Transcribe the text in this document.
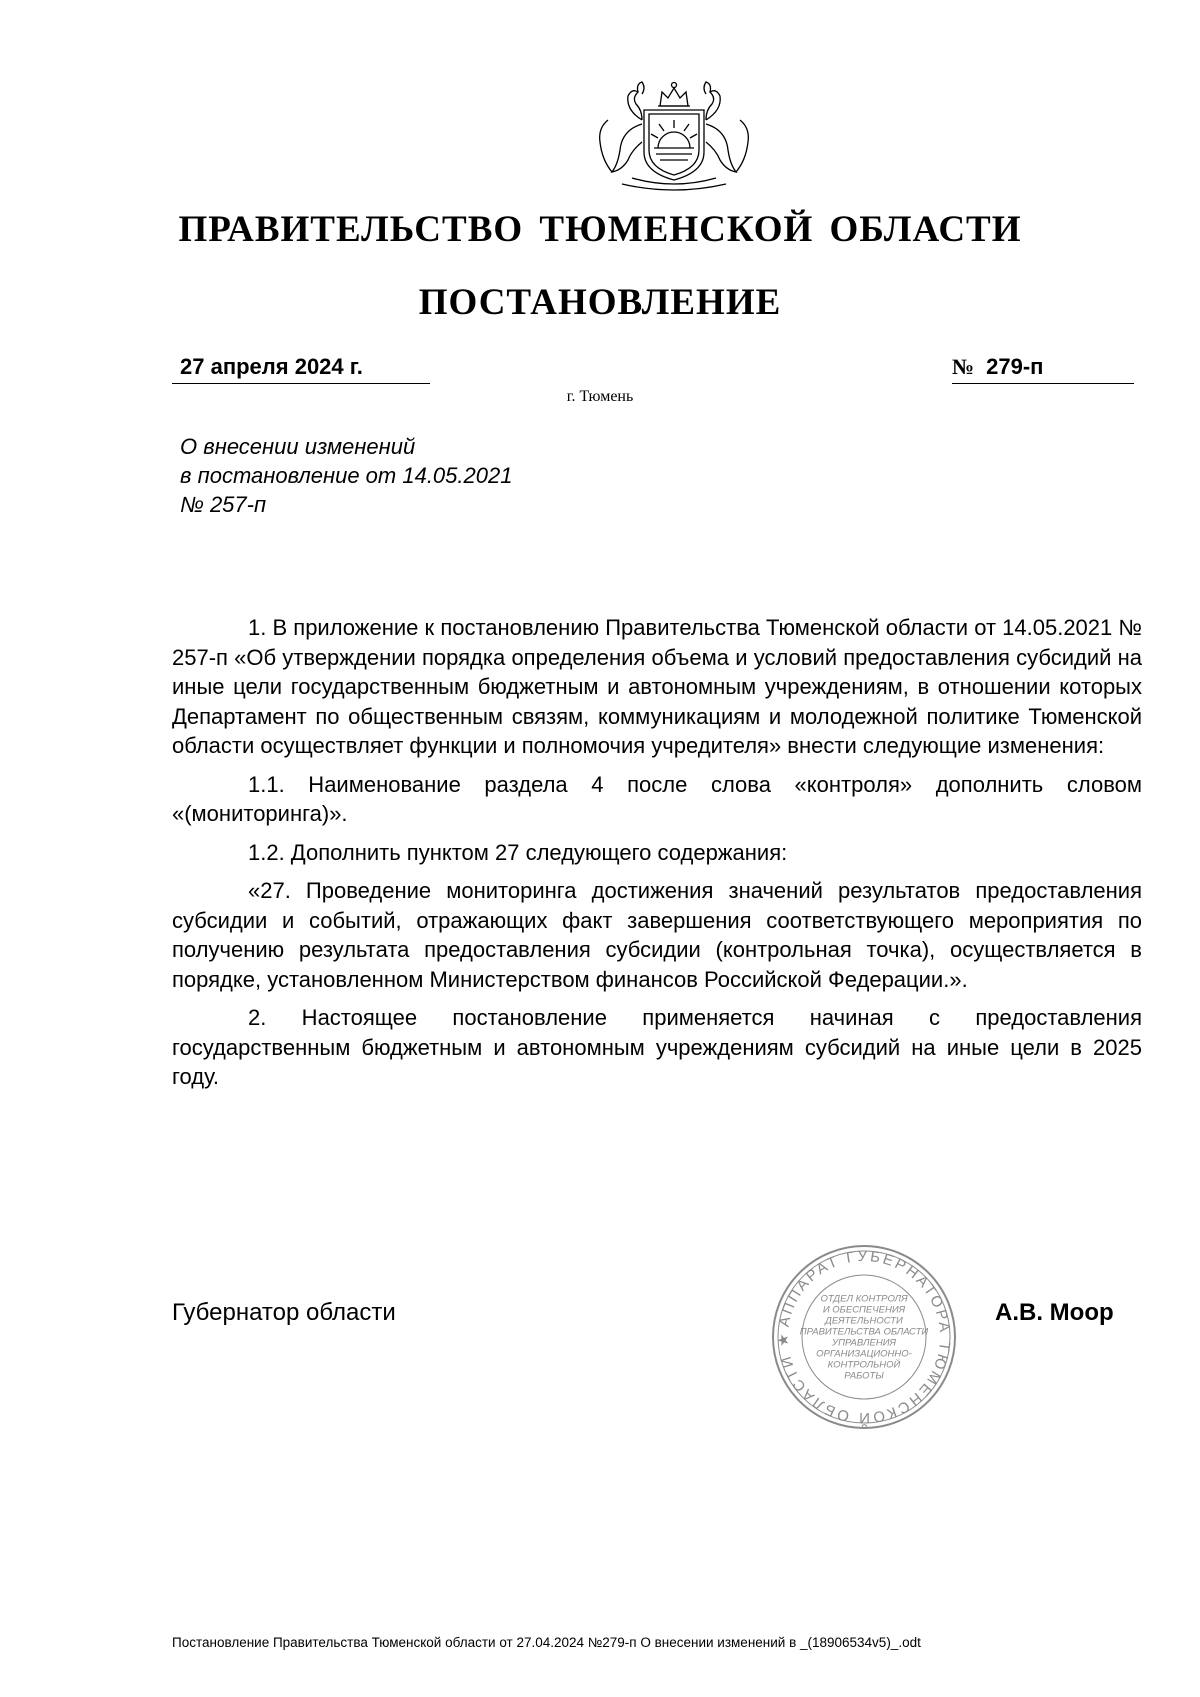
ПРАВИТЕЛЬСТВО ТЮМЕНСКОЙ ОБЛАСТИ
ПОСТАНОВЛЕНИЕ
27 апреля 2024 г.	№ 279-п
г. Тюмень
О внесении изменений
в постановление от 14.05.2021
№ 257-п

1. В приложение к постановлению Правительства Тюменской области от 14.05.2021 № 257-п «Об утверждении порядка определения объема и условий предоставления субсидий на иные цели государственным бюджетным и автономным учреждениям, в отношении которых Департамент по общественным связям, коммуникациям и молодежной политике Тюменской области осуществляет функции и полномочия учредителя» внести следующие изменения:

1.1. Наименование раздела 4 после слова «контроля» дополнить словом «(мониторинга)».

1.2. Дополнить пунктом 27 следующего содержания:

«27. Проведение мониторинга достижения значений результатов предоставления субсидии и событий, отражающих факт завершения соответствующего мероприятия по получению результата предоставления субсидии (контрольная точка), осуществляется в порядке, установленном Министерством финансов Российской Федерации.».

2. Настоящее постановление применяется начиная с предоставления государственным бюджетным и автономным учреждениям субсидий на иные цели в 2025 году.

Губернатор области	АППАРАТ ГУБЕРНАТОРА ТЮМЕНСКОЙ ОБЛАСТИ ★
ОТДЕЛ КОНТРОЛЯ
И ОБЕСПЕЧЕНИЯ
ДЕЯТЕЛЬНОСТИ
ПРАВИТЕЛЬСТВА ОБЛАСТИ
УПРАВЛЕНИЯ
ОРГАНИЗАЦИОННО-
КОНТРОЛЬНОЙ
РАБОТЫ
А.В. Моор
Постановление Правительства Тюменской области от 27.04.2024 №279-п О внесении изменений в _(18906534v5)_.odt
